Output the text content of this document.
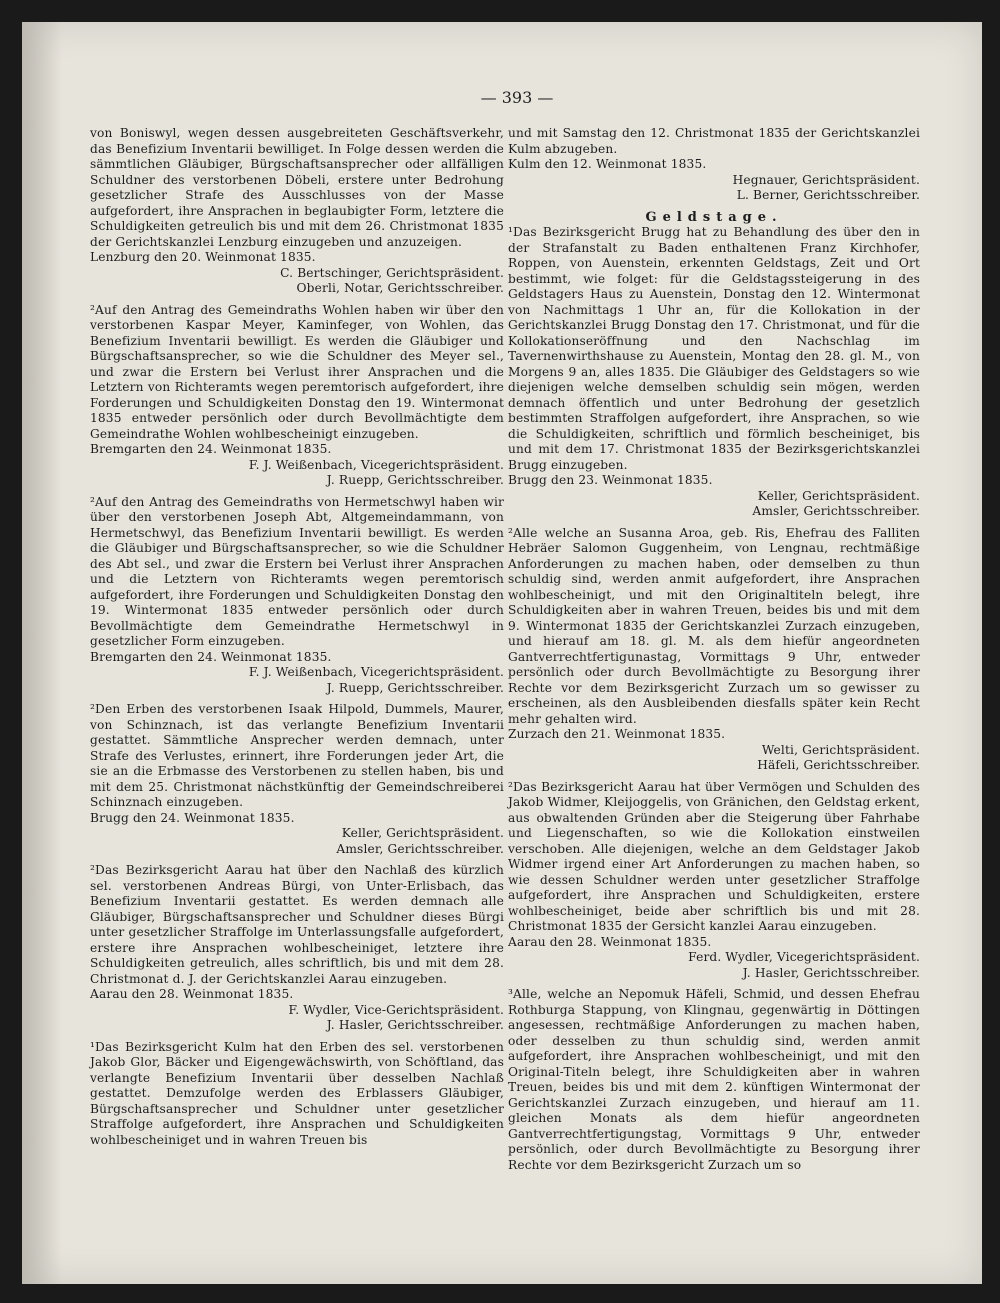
— 393 —

von Boniswyl, wegen dessen ausgebreiteten Geschäftsverkehr, das Benefizium Inventarii bewilliget. In Folge dessen werden die sämmtlichen Gläubiger, Bürgschaftsansprecher oder allfälligen Schuldner des verstorbenen Döbeli, erstere unter Bedrohung gesetzlicher Strafe des Ausschlusses von der Masse aufgefordert, ihre Ansprachen in beglaubigter Form, letztere die Schuldigkeiten getreulich bis und mit dem 26. Christmonat 1835 der Gerichtskanzlei Lenzburg einzugeben und anzuzeigen.

Lenzburg den 20. Weinmonat 1835.

C. Bertschinger, Gerichtspräsident.

Oberli, Notar, Gerichtsschreiber.

²Auf den Antrag des Gemeindraths Wohlen haben wir über den verstorbenen Kaspar Meyer, Kaminfeger, von Wohlen, das Benefizium Inventarii bewilligt. Es werden die Gläubiger und Bürgschaftsansprecher, so wie die Schuldner des Meyer sel., und zwar die Erstern bei Verlust ihrer Ansprachen und die Letztern von Richteramts wegen peremtorisch aufgefordert, ihre Forderungen und Schuldigkeiten Donstag den 19. Wintermonat 1835 entweder persönlich oder durch Bevollmächtigte dem Gemeindrathe Wohlen wohlbescheinigt einzugeben.

Bremgarten den 24. Weinmonat 1835.

F. J. Weißenbach, Vicegerichtspräsident.

J. Ruepp, Gerichtsschreiber.

²Auf den Antrag des Gemeindraths von Hermetschwyl haben wir über den verstorbenen Joseph Abt, Altgemeindammann, von Hermetschwyl, das Benefizium Inventarii bewilligt. Es werden die Gläubiger und Bürgschaftsansprecher, so wie die Schuldner des Abt sel., und zwar die Erstern bei Verlust ihrer Ansprachen und die Letztern von Richteramts wegen peremtorisch aufgefordert, ihre Forderungen und Schuldigkeiten Donstag den 19. Wintermonat 1835 entweder persönlich oder durch Bevollmächtigte dem Gemeindrathe Hermetschwyl in gesetzlicher Form einzugeben.

Bremgarten den 24. Weinmonat 1835.

F. J. Weißenbach, Vicegerichtspräsident.

J. Ruepp, Gerichtsschreiber.

²Den Erben des verstorbenen Isaak Hilpold, Dummels, Maurer, von Schinznach, ist das verlangte Benefizium Inventarii gestattet. Sämmtliche Ansprecher werden demnach, unter Strafe des Verlustes, erinnert, ihre Forderungen jeder Art, die sie an die Erbmasse des Verstorbenen zu stellen haben, bis und mit dem 25. Christmonat nächstkünftig der Gemeindschreiberei Schinznach einzugeben.

Brugg den 24. Weinmonat 1835.

Keller, Gerichtspräsident.

Amsler, Gerichtsschreiber.

²Das Bezirksgericht Aarau hat über den Nachlaß des kürzlich sel. verstorbenen Andreas Bürgi, von Unter-Erlisbach, das Benefizium Inventarii gestattet. Es werden demnach alle Gläubiger, Bürgschaftsansprecher und Schuldner dieses Bürgi unter gesetzlicher Straffolge im Unterlassungsfalle aufgefordert, erstere ihre Ansprachen wohlbescheiniget, letztere ihre Schuldigkeiten getreulich, alles schriftlich, bis und mit dem 28. Christmonat d. J. der Gerichtskanzlei Aarau einzugeben.

Aarau den 28. Weinmonat 1835.

F. Wydler, Vice-Gerichtspräsident.

J. Hasler, Gerichtsschreiber.

¹Das Bezirksgericht Kulm hat den Erben des sel. verstorbenen Jakob Glor, Bäcker und Eigengewächswirth, von Schöftland, das verlangte Benefizium Inventarii über desselben Nachlaß gestattet. Demzufolge werden des Erblassers Gläubiger, Bürgschaftsansprecher und Schuldner unter gesetzlicher Straffolge aufgefordert, ihre Ansprachen und Schuldigkeiten wohlbescheiniget und in wahren Treuen bis

und mit Samstag den 12. Christmonat 1835 der Gerichtskanzlei Kulm abzugeben.

Kulm den 12. Weinmonat 1835.

Hegnauer, Gerichtspräsident.

L. Berner, Gerichtsschreiber.

Geldstage.

¹Das Bezirksgericht Brugg hat zu Behandlung des über den in der Strafanstalt zu Baden enthaltenen Franz Kirchhofer, Roppen, von Auenstein, erkennten Geldstags, Zeit und Ort bestimmt, wie folget: für die Geldstagssteigerung in des Geldstagers Haus zu Auenstein, Donstag den 12. Wintermonat von Nachmittags 1 Uhr an, für die Kollokation in der Gerichtskanzlei Brugg Donstag den 17. Christmonat, und für die Kollokationseröffnung und den Nachschlag im Tavernenwirthshause zu Auenstein, Montag den 28. gl. M., von Morgens 9 an, alles 1835. Die Gläubiger des Geldstagers so wie diejenigen welche demselben schuldig sein mögen, werden demnach öffentlich und unter Bedrohung der gesetzlich bestimmten Straffolgen aufgefordert, ihre Ansprachen, so wie die Schuldigkeiten, schriftlich und förmlich bescheiniget, bis und mit dem 17. Christmonat 1835 der Bezirksgerichtskanzlei Brugg einzugeben.

Brugg den 23. Weinmonat 1835.

Keller, Gerichtspräsident.

Amsler, Gerichtsschreiber.

²Alle welche an Susanna Aroa, geb. Ris, Ehefrau des Falliten Hebräer Salomon Guggenheim, von Lengnau, rechtmäßige Anforderungen zu machen haben, oder demselben zu thun schuldig sind, werden anmit aufgefordert, ihre Ansprachen wohlbescheinigt, und mit den Originaltiteln belegt, ihre Schuldigkeiten aber in wahren Treuen, beides bis und mit dem 9. Wintermonat 1835 der Gerichtskanzlei Zurzach einzugeben, und hierauf am 18. gl. M. als dem hiefür angeordneten Gantverrechtfertigunastag, Vormittags 9 Uhr, entweder persönlich oder durch Bevollmächtigte zu Besorgung ihrer Rechte vor dem Bezirksgericht Zurzach um so gewisser zu erscheinen, als den Ausbleibenden diesfalls später kein Recht mehr gehalten wird.

Zurzach den 21. Weinmonat 1835.

Welti, Gerichtspräsident.

Häfeli, Gerichtsschreiber.

²Das Bezirksgericht Aarau hat über Vermögen und Schulden des Jakob Widmer, Kleijoggelis, von Gränichen, den Geldstag erkent, aus obwaltenden Gründen aber die Steigerung über Fahrhabe und Liegenschaften, so wie die Kollokation einstweilen verschoben. Alle diejenigen, welche an dem Geldstager Jakob Widmer irgend einer Art Anforderungen zu machen haben, so wie dessen Schuldner werden unter gesetzlicher Straffolge aufgefordert, ihre Ansprachen und Schuldigkeiten, erstere wohlbescheiniget, beide aber schriftlich bis und mit 28. Christmonat 1835 der Gersicht kanzlei Aarau einzugeben.

Aarau den 28. Weinmonat 1835.

Ferd. Wydler, Vicegerichtspräsident.

J. Hasler, Gerichtsschreiber.

³Alle, welche an Nepomuk Häfeli, Schmid, und dessen Ehefrau Rothburga Stappung, von Klingnau, gegenwärtig in Döttingen angesessen, rechtmäßige Anforderungen zu machen haben, oder desselben zu thun schuldig sind, werden anmit aufgefordert, ihre Ansprachen wohlbescheinigt, und mit den Original-Titeln belegt, ihre Schuldigkeiten aber in wahren Treuen, beides bis und mit dem 2. künftigen Wintermonat der Gerichtskanzlei Zurzach einzugeben, und hierauf am 11. gleichen Monats als dem hiefür angeordneten Gantverrechtfertigungstag, Vormittags 9 Uhr, entweder persönlich, oder durch Bevollmächtigte zu Besorgung ihrer Rechte vor dem Bezirksgericht Zurzach um so
